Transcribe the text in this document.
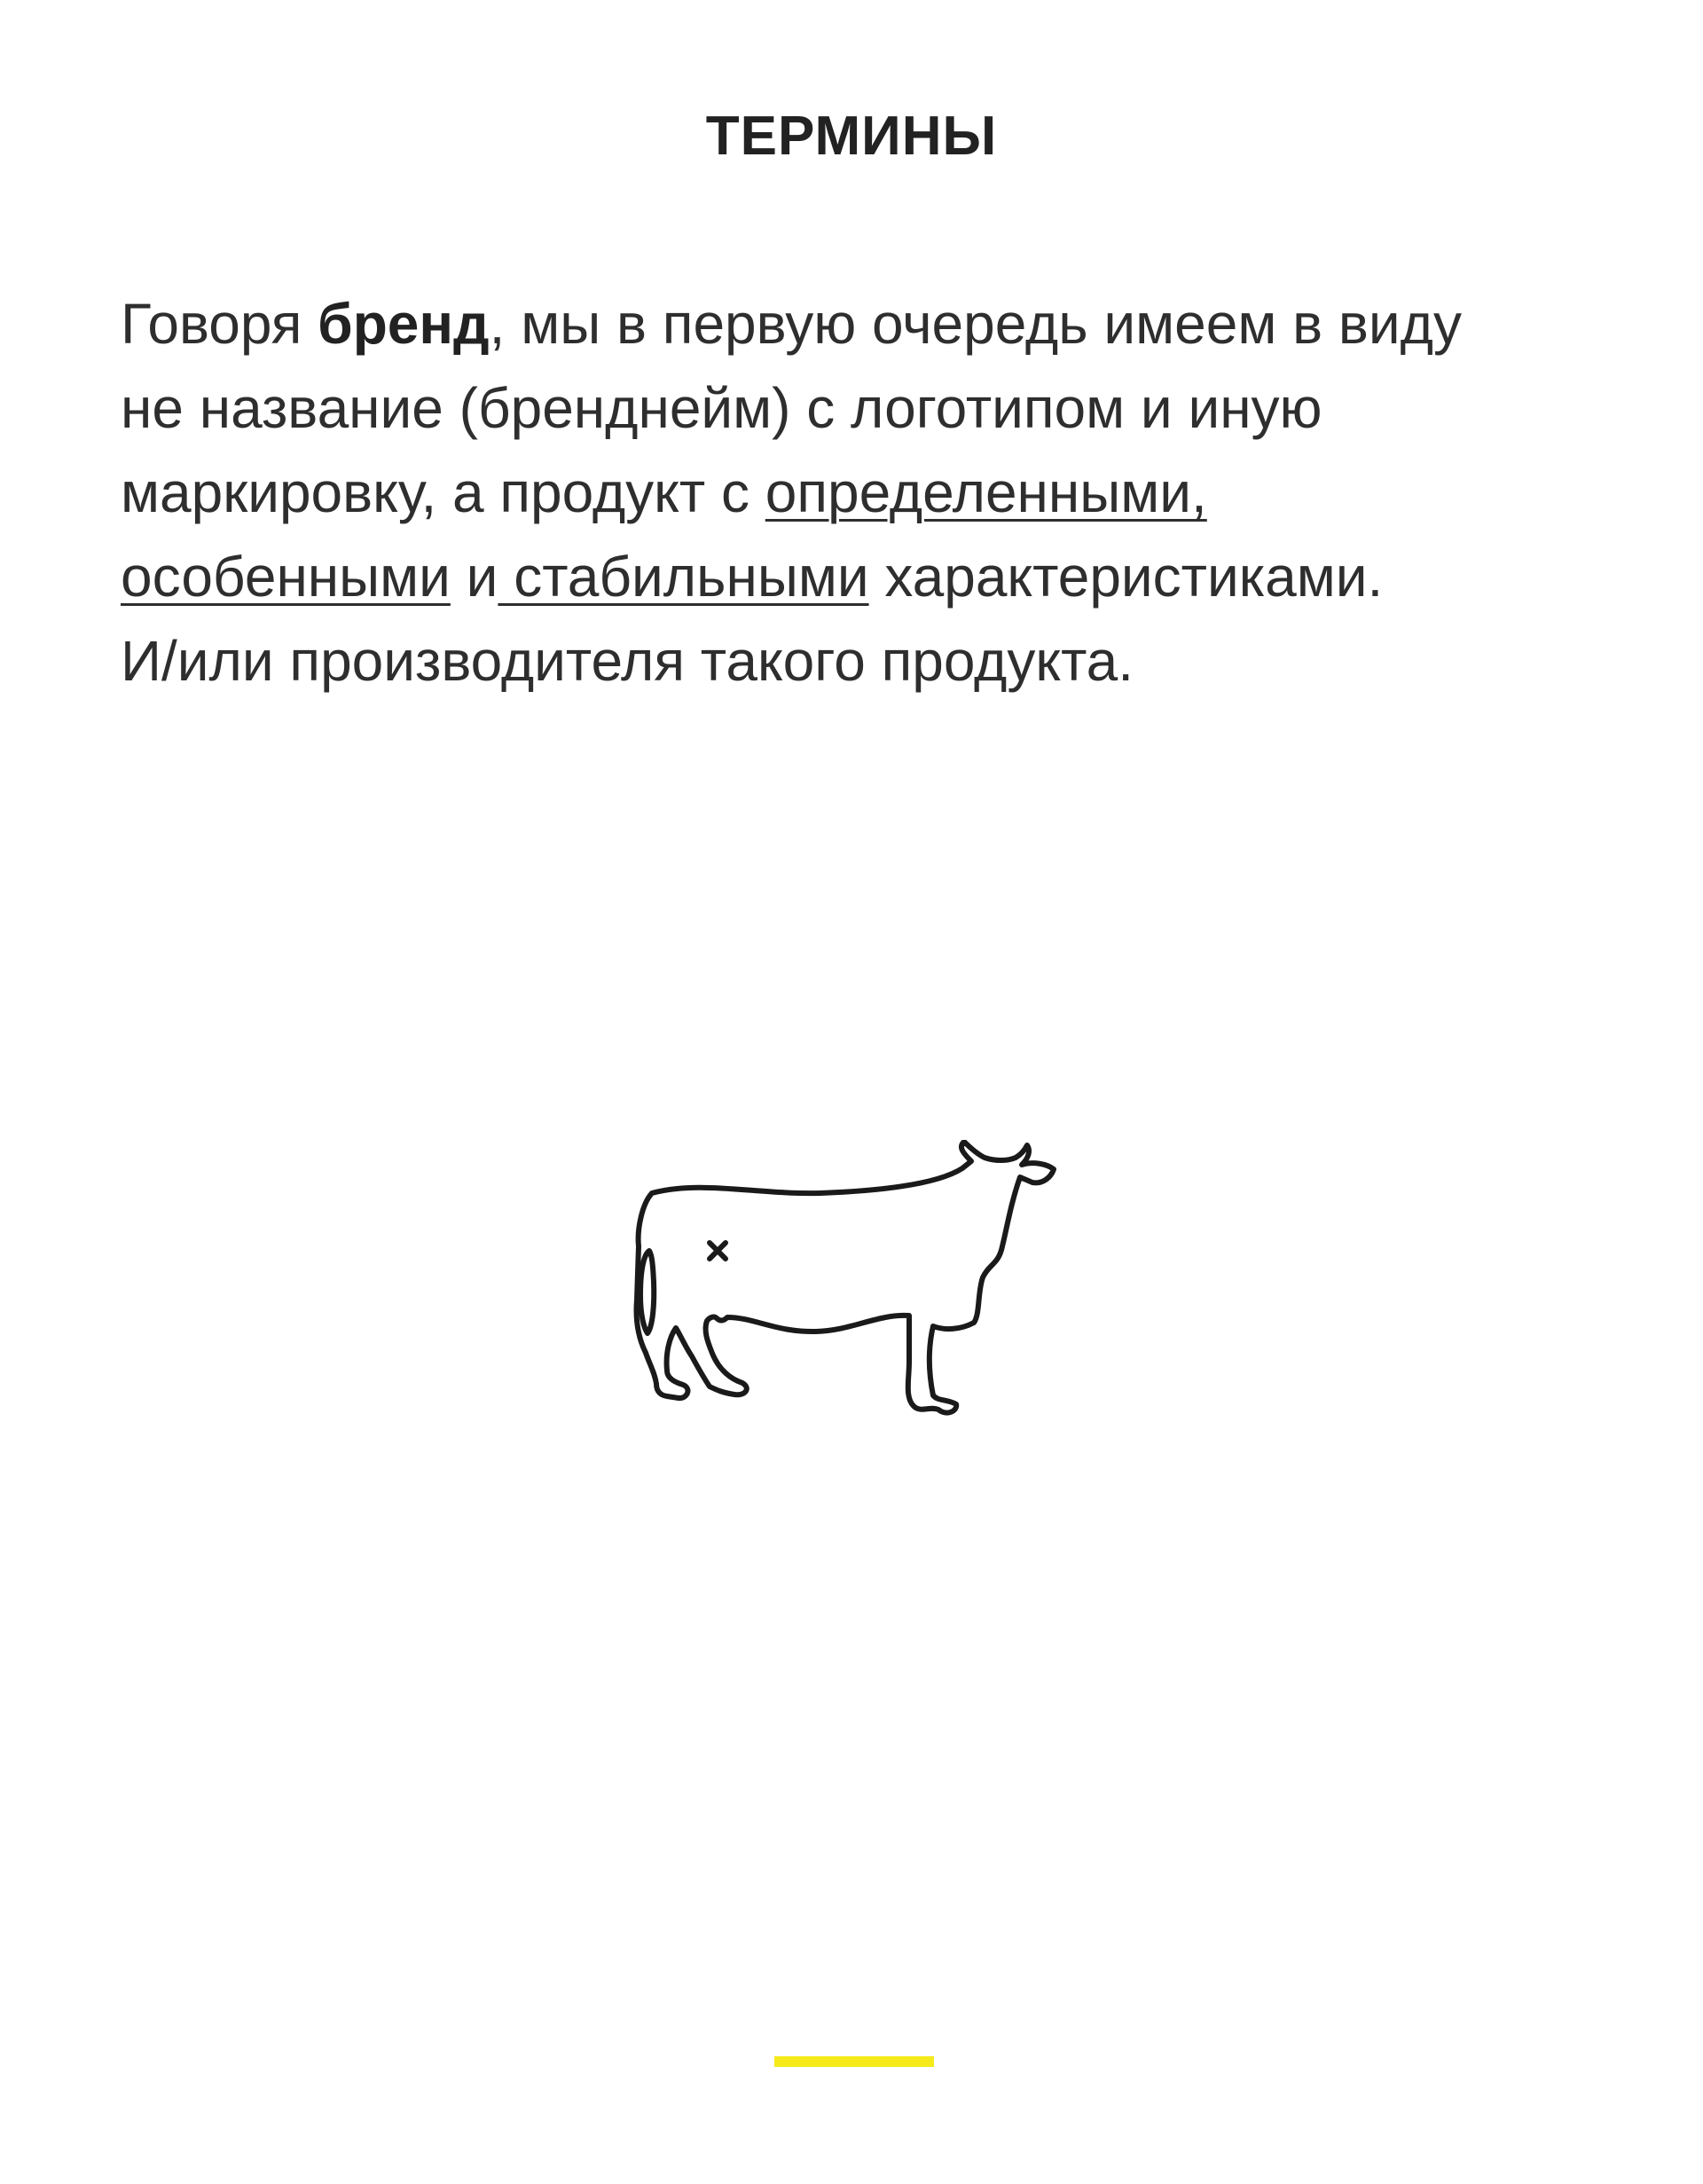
ТЕРМИНЫ

Говоря бренд, мы в первую очередь имеем в виду
не название (бренднейм) с логотипом и иную
маркировку, а продукт с определенными,
особенными и стабильными характеристиками.
И/или производителя такого продукта.
